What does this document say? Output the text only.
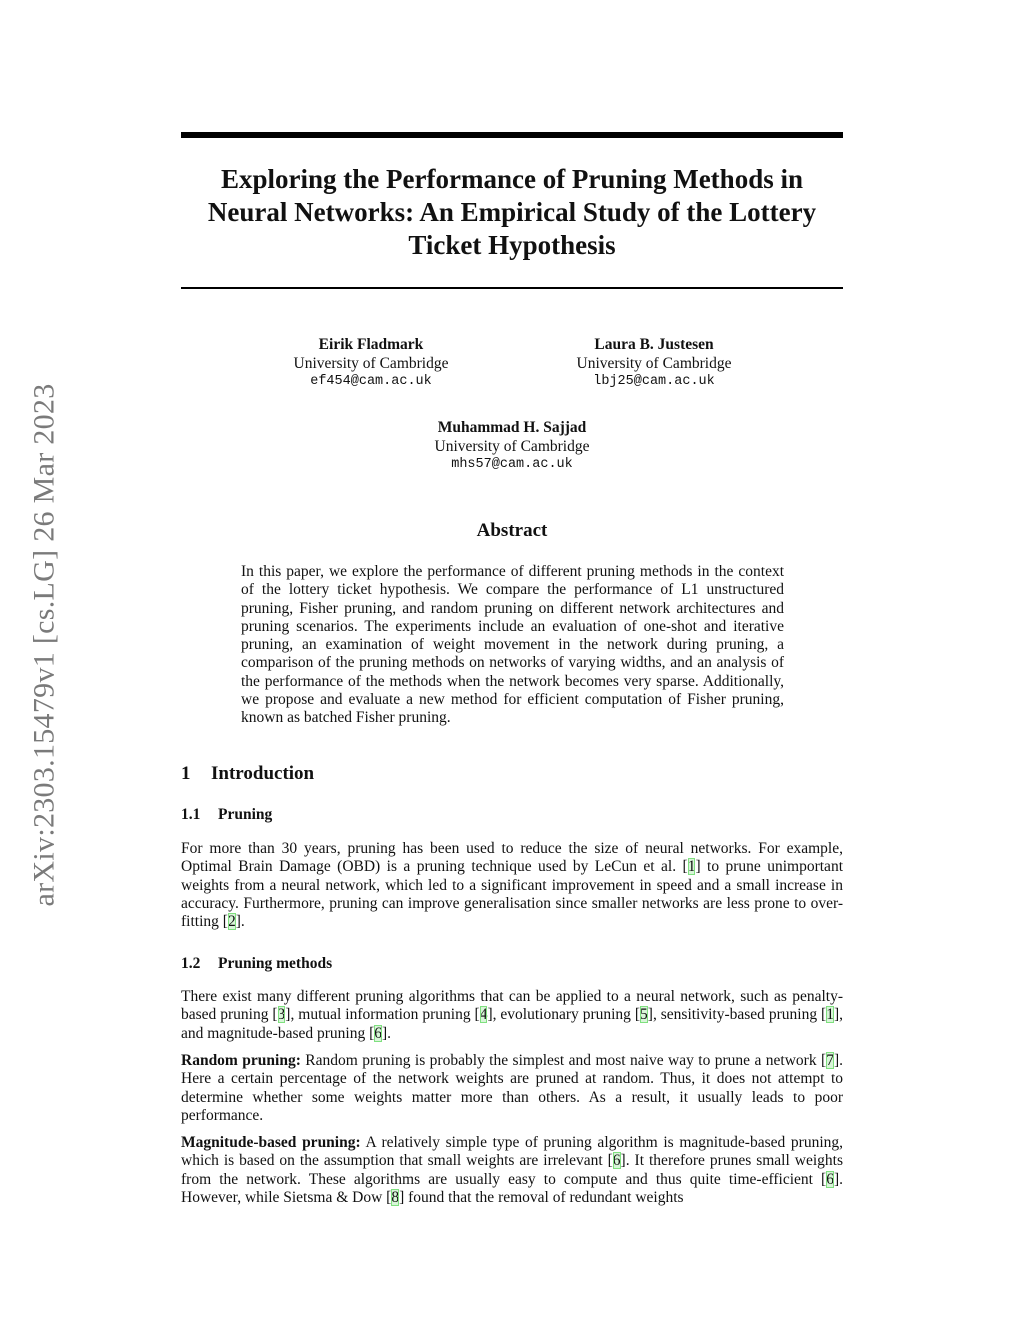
arXiv:2303.15479v1 [cs.LG] 26 Mar 2023
Exploring the Performance of Pruning Methods in Neural Networks: An Empirical Study of the Lottery Ticket Hypothesis
Eirik Fladmark
University of Cambridge
ef454@cam.ac.uk
Laura B. Justesen
University of Cambridge
lbj25@cam.ac.uk
Muhammad H. Sajjad
University of Cambridge
mhs57@cam.ac.uk
Abstract

In this paper, we explore the performance of different pruning methods in the context of the lottery ticket hypothesis. We compare the performance of L1 unstructured pruning, Fisher pruning, and random pruning on different network architectures and pruning scenarios. The experiments include an evaluation of one-shot and iterative pruning, an examination of weight movement in the network during pruning, a comparison of the pruning methods on networks of varying widths, and an analysis of the performance of the methods when the network becomes very sparse. Additionally, we propose and evaluate a new method for efficient computation of Fisher pruning, known as batched Fisher pruning.

1 Introduction
1.1 Pruning

For more than 30 years, pruning has been used to reduce the size of neural networks. For example, Optimal Brain Damage (OBD) is a pruning technique used by LeCun et al. [1] to prune unimportant weights from a neural network, which led to a significant improvement in speed and a small increase in accuracy. Furthermore, pruning can improve generalisation since smaller networks are less prone to over-fitting [2].

1.2 Pruning methods

There exist many different pruning algorithms that can be applied to a neural network, such as penalty-based pruning [3], mutual information pruning [4], evolutionary pruning [5], sensitivity-based pruning [1], and magnitude-based pruning [6].

Random pruning: Random pruning is probably the simplest and most naive way to prune a network [7]. Here a certain percentage of the network weights are pruned at random. Thus, it does not attempt to determine whether some weights matter more than others. As a result, it usually leads to poor performance.

Magnitude-based pruning: A relatively simple type of pruning algorithm is magnitude-based pruning, which is based on the assumption that small weights are irrelevant [6]. It therefore prunes small weights from the network. These algorithms are usually easy to compute and thus quite time-efficient [6]. However, while Sietsma & Dow [8] found that the removal of redundant weights
